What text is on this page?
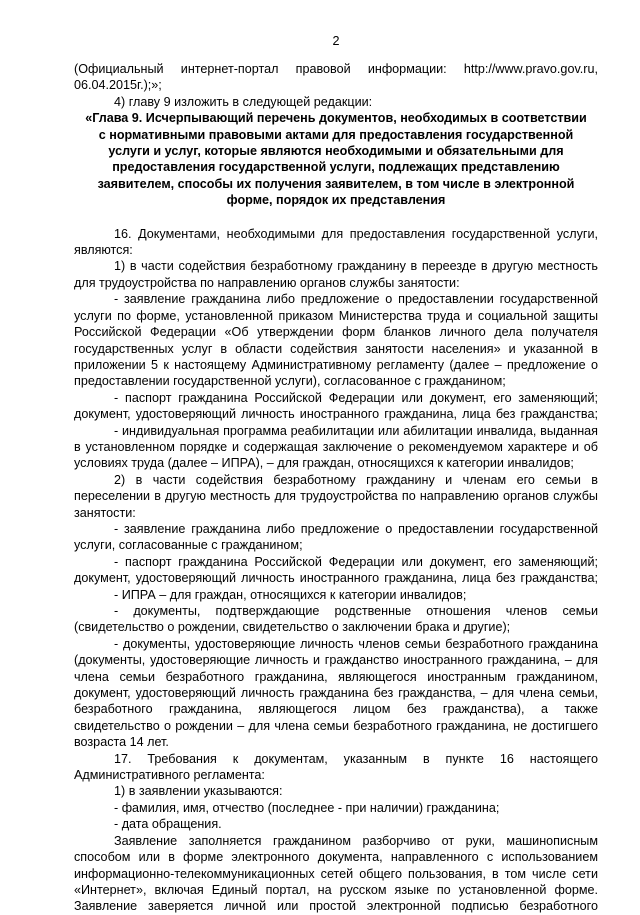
2

(Официальный интернет-портал правовой информации: http://www.pravo.gov.ru,

06.04.2015г.);»;

4) главу 9 изложить в следующей редакции:

«Глава 9. Исчерпывающий перечень документов, необходимых в соответствии

с нормативными правовыми актами для предоставления государственной

услуги и услуг, которые являются необходимыми и обязательными для

предоставления государственной услуги, подлежащих представлению

заявителем, способы их получения заявителем, в том числе в электронной

форме, порядок их представления

16. Документами, необходимыми для предоставления государственной услуги,

являются:

1) в части содействия безработному гражданину в переезде в другую местность

для трудоустройства по направлению органов службы занятости:

- заявление гражданина либо предложение о предоставлении государственной

услуги по форме, установленной приказом Министерства труда и социальной защиты

Российской Федерации «Об утверждении форм бланков личного дела получателя

государственных услуг в области содействия занятости населения» и указанной в

приложении 5 к настоящему Административному регламенту (далее – предложение о

предоставлении государственной услуги), согласованное с гражданином;

- паспорт гражданина Российской Федерации или документ, его заменяющий;

документ, удостоверяющий личность иностранного гражданина, лица без гражданства;

- индивидуальная программа реабилитации или абилитации инвалида, выданная

в установленном порядке и содержащая заключение о рекомендуемом характере и об

условиях труда (далее – ИПРА), – для граждан, относящихся к категории инвалидов;

2) в части содействия безработному гражданину и членам его семьи в

переселении в другую местность для трудоустройства по направлению органов службы

занятости:

- заявление гражданина либо предложение о предоставлении государственной

услуги, согласованные с гражданином;

- паспорт гражданина Российской Федерации или документ, его заменяющий;

документ, удостоверяющий личность иностранного гражданина, лица без гражданства;

- ИПРА – для граждан, относящихся к категории инвалидов;

- документы, подтверждающие родственные отношения членов семьи

(свидетельство о рождении, свидетельство о заключении брака и другие);

- документы, удостоверяющие личность членов семьи безработного гражданина

(документы, удостоверяющие личность и гражданство иностранного гражданина, – для

члена семьи безработного гражданина, являющегося иностранным гражданином,

документ, удостоверяющий личность гражданина без гражданства, – для члена семьи,

безработного гражданина, являющегося лицом без гражданства), а также

свидетельство о рождении – для члена семьи безработного гражданина, не достигшего

возраста 14 лет.

17. Требования к документам, указанным в пункте 16 настоящего

Административного регламента:

1) в заявлении указываются:

- фамилия, имя, отчество (последнее - при наличии) гражданина;

- дата обращения.

Заявление заполняется гражданином разборчиво от руки, машинописным

способом или в форме электронного документа, направленного с использованием

информационно-телекоммуникационных сетей общего пользования, в том числе сети

«Интернет», включая Единый портал, на русском языке по установленной форме.

Заявление заверяется личной или простой электронной подписью безработного
